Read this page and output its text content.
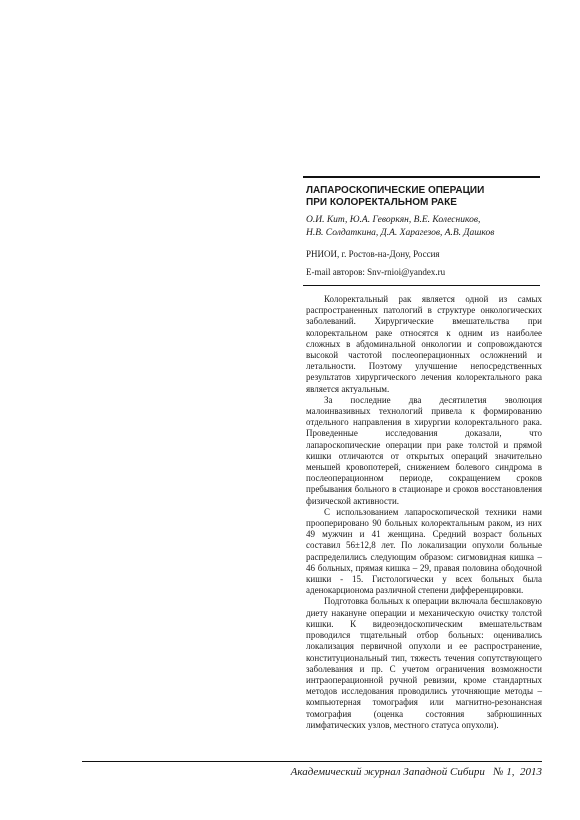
ЛАПАРОСКОПИЧЕСКИЕ ОПЕРАЦИИ
ПРИ КОЛОРЕКТАЛЬНОМ РАКЕ

О.И. Кит, Ю.А. Геворкян, В.Е. Колесников,
Н.В. Солдаткина, Д.А. Харагезов, А.В. Дашков

РНИОИ, г. Ростов-на-Дону, Россия

E-mail авторов: Snv-rnioi@yandex.ru

Колоректальный рак является одной из самых распространенных патологий в структуре онкологических заболеваний. Хирургические вмешательства при колоректальном раке относятся к одним из наиболее сложных в абдоминальной онкологии и сопровождаются высокой частотой послеоперационных осложнений и летальности. Поэтому улучшение непосредственных результатов хирургического лечения колоректального рака является актуальным.

За последние два десятилетия эволюция малоинвазивных технологий привела к формированию отдельного направления в хирургии колоректального рака. Проведенные исследования доказали, что лапароскопические операции при раке толстой и прямой кишки отличаются от открытых операций значительно меньшей кровопотерей, снижением болевого синдрома в послеоперационном периоде, сокращением сроков пребывания больного в стационаре и сроков восстановления физической активности.

С использованием лапароскопической техники нами прооперировано 90 больных колоректальным раком, из них 49 мужчин и 41 женщина. Средний возраст больных составил 56±12,8 лет. По локализации опухоли больные распределились следующим образом: сигмовидная кишка – 46 больных, прямая кишка – 29, правая половина ободочной кишки - 15. Гистологически у всех больных была аденокарционома различной степени дифференцировки.

Подготовка больных к операции включала бесшлаковую диету накануне операции и механическую очистку толстой кишки. К видеоэндоскопическим вмешательствам проводился тщательный отбор больных: оценивались локализация первичной опухоли и ее распространение, конституциональный тип, тяжесть течения сопутствующего заболевания и пр. С учетом ограничения возможности интраоперационной ручной ревизии, кроме стандартных методов исследования проводились уточняющие методы – компьютерная томография или магнитно-резонансная томография (оценка состояния забрюшинных лимфатических узлов, местного статуса опухоли).

Академический журнал Западной Сибири № 1, 2013
